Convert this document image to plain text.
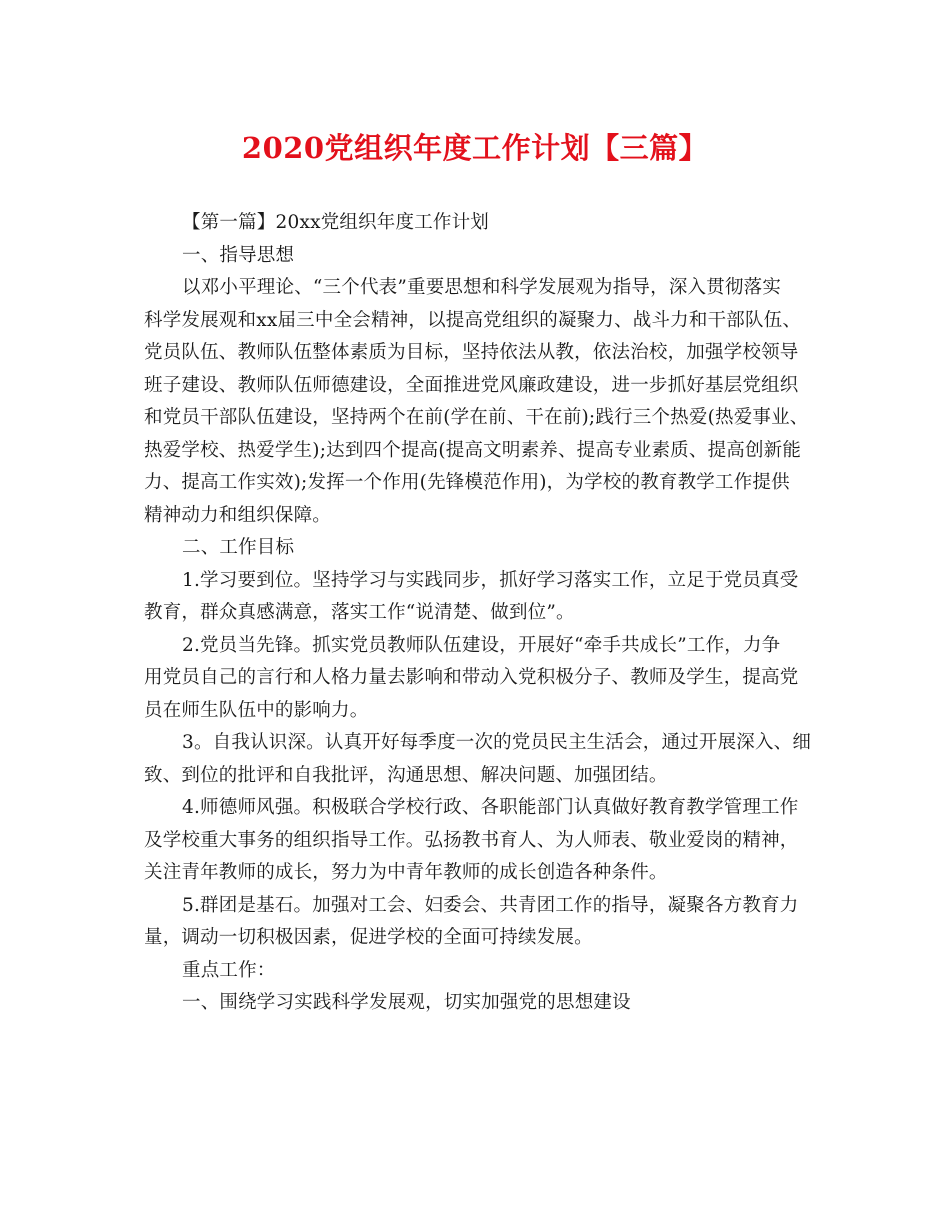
2020党组织年度工作计划【三篇】
【第一篇】20xx党组织年度工作计划
一、指导思想
以邓小平理论、“三个代表”重要思想和科学发展观为指导，深入贯彻落实
科学发展观和xx届三中全会精神，以提高党组织的凝聚力、战斗力和干部队伍、
党员队伍、教师队伍整体素质为目标，坚持依法从教，依法治校，加强学校领导
班子建设、教师队伍师德建设，全面推进党风廉政建设，进一步抓好基层党组织
和党员干部队伍建设，坚持两个在前(学在前、干在前);践行三个热爱(热爱事业、
热爱学校、热爱学生);达到四个提高(提高文明素养、提高专业素质、提高创新能
力、提高工作实效);发挥一个作用(先锋模范作用)，为学校的教育教学工作提供
精神动力和组织保障。
二、工作目标
1.学习要到位。坚持学习与实践同步，抓好学习落实工作，立足于党员真受
教育，群众真感满意，落实工作“说清楚、做到位”。
2.党员当先锋。抓实党员教师队伍建设，开展好“牵手共成长”工作，力争
用党员自己的言行和人格力量去影响和带动入党积极分子、教师及学生，提高党
员在师生队伍中的影响力。
3。自我认识深。认真开好每季度一次的党员民主生活会，通过开展深入、细
致、到位的批评和自我批评，沟通思想、解决问题、加强团结。
4.师德师风强。积极联合学校行政、各职能部门认真做好教育教学管理工作
及学校重大事务的组织指导工作。弘扬教书育人、为人师表、敬业爱岗的精神，
关注青年教师的成长，努力为中青年教师的成长创造各种条件。
5.群团是基石。加强对工会、妇委会、共青团工作的指导，凝聚各方教育力
量，调动一切积极因素，促进学校的全面可持续发展。
重点工作：
一、围绕学习实践科学发展观，切实加强党的思想建设
